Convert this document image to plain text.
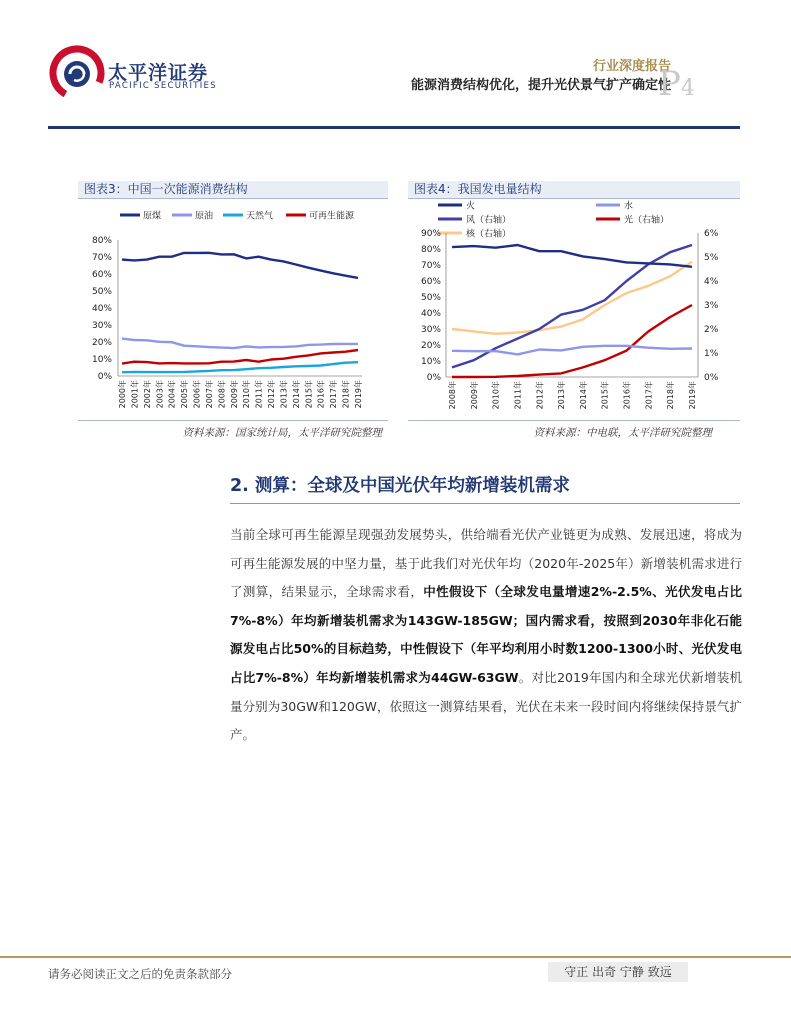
太平洋证券
PACIFIC SECURITIES
行业深度报告
能源消费结构优化，提升光伏景气扩产确定性
P4
图表3：中国一次能源消费结构
原煤	原油	天然气	可再生能源
0%
10%
20%
30%
40%
50%
60%
70%
80%
2000年 2001年 2002年 2003年 2004年 2005年 2006年 2007年 2008年 2009年 2010年 2011年 2012年 2013年 2014年 2015年 2016年 2017年 2018年 2019年
资料来源：国家统计局，太平洋研究院整理
图表4：我国发电量结构
火	水
风（右轴）	光（右轴）
核（右轴）
0%
10%
20%
30%
40%
50%
60%
70%
80%
90%
0%
1%
2%
3%
4%
5%
6%
2008年 2009年 2010年 2011年 2012年 2013年 2014年 2015年 2016年 2017年 2018年 2019年
资料来源：中电联，太平洋研究院整理
2. 测算：全球及中国光伏年均新增装机需求
当前全球可再生能源呈现强劲发展势头，供给端看光伏产业链更为成熟、发展迅速，将成为可再生能源发展的中坚力量，基于此我们对光伏年均（2020年-2025年）新增装机需求进行了测算，结果显示，全球需求看，中性假设下（全球发电量增速2%-2.5%、光伏发电占比7%-8%）年均新增装机需求为143GW-185GW；国内需求看，按照到2030年非化石能源发电占比50%的目标趋势，中性假设下（年平均利用小时数1200-1300小时、光伏发电占比7%-8%）年均新增装机需求为44GW-63GW。对比2019年国内和全球光伏新增装机量分别为30GW和120GW，依照这一测算结果看，光伏在未来一段时间内将继续保持景气扩产。
请务必阅读正文之后的免责条款部分	守正 出奇 宁静 致远
